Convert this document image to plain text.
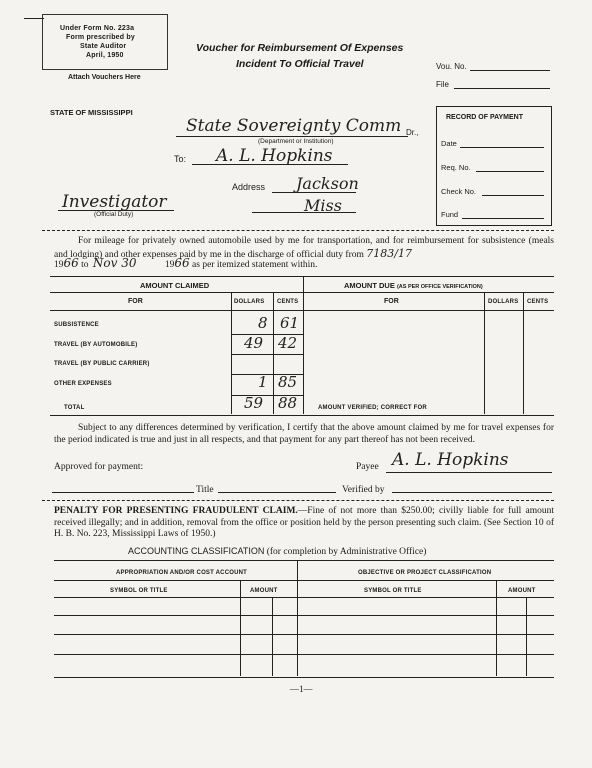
Under Form No. 223a
Form prescribed by
State Auditor
April, 1950
Attach Vouchers Here
Voucher for Reimbursement Of Expenses
Incident To Official Travel	Vou. No.
File
STATE OF MISSISSIPPI
State Sovereignty Comm Dr.,
(Department or Institution)
To: A. L. Hopkins
Address Jackson
Miss
Investigator
(Official Duty)
RECORD OF PAYMENT
Date
Req. No.
Check No.
Fund
For mileage for privately owned automobile used by me for transportation, and for reimbursement for subsistence (meals and lodging) and other expenses paid by me in the discharge of official duty from 7183/17
1966 to Nov 30	1966 as per itemized statement within.
AMOUNT CLAIMED	AMOUNT DUE (AS PER OFFICE VERIFICATION)
FOR	DOLLARS CENTS	FOR	DOLLARS CENTS
SUBSISTENCE	8 61
TRAVEL (BY AUTOMOBILE)	49 42
TRAVEL (BY PUBLIC CARRIER)
OTHER EXPENSES	1 85
TOTAL	59 88	AMOUNT VERIFIED; CORRECT FOR
Subject to any differences determined by verification, I certify that the above amount claimed by me for travel expenses for the period indicated is true and just in all respects, and that payment for any part thereof has not been received.
Approved for payment:	Payee A. L. Hopkins
Title	Verified by
PENALTY FOR PRESENTING FRAUDULENT CLAIM.—Fine of not more than $250.00; civilly liable for full amount received illegally; and in addition, removal from the office or position held by the person presenting such claim. (See Section 10 of H. B. No. 223, Mississippi Laws of 1950.)
ACCOUNTING CLASSIFICATION (for completion by Administrative Office)
APPROPRIATION AND/OR COST ACCOUNT	OBJECTIVE OR PROJECT CLASSIFICATION
SYMBOL OR TITLE	AMOUNT	SYMBOL OR TITLE	AMOUNT
—1—
